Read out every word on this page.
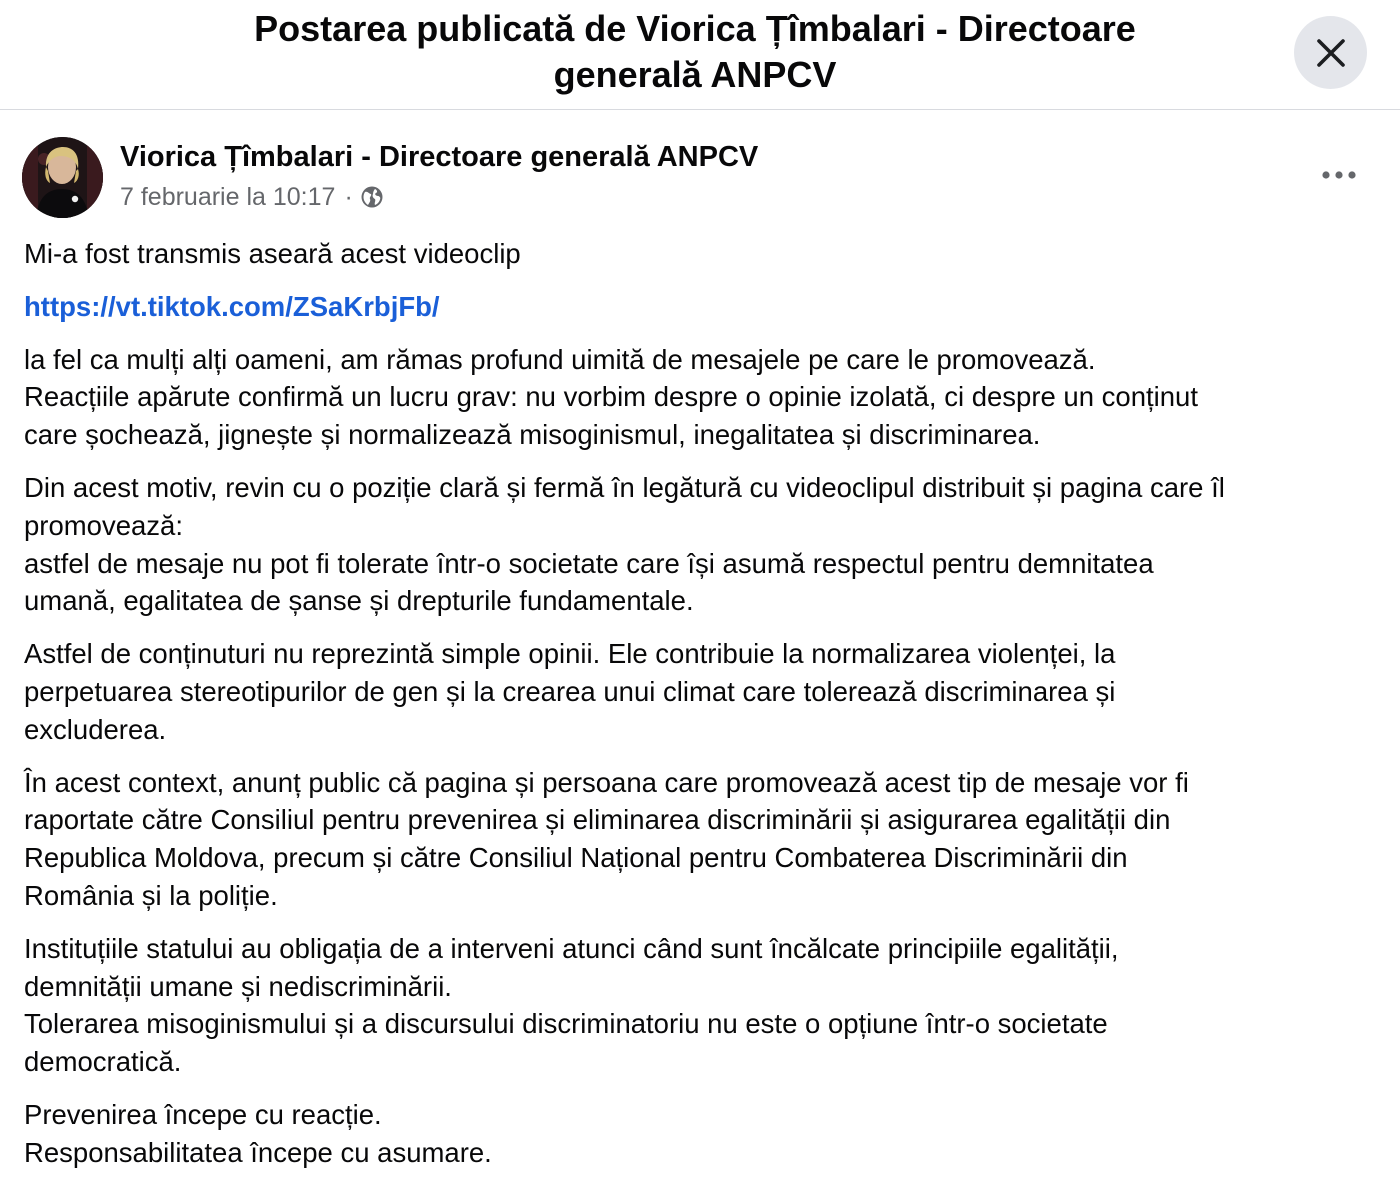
Postarea publicată de Viorica Țîmbalari - Directoare
generală ANPCV
Viorica Țîmbalari - Directoare generală ANPCV
7 februarie la 10:17 ·

Mi-a fost transmis aseară acest videoclip

https://vt.tiktok.com/ZSaKrbjFb/

la fel ca mulți alți oameni, am rămas profund uimită de mesajele pe care le promovează.
Reacțiile apărute confirmă un lucru grav: nu vorbim despre o opinie izolată, ci despre un conținut
care șochează, jignește și normalizează misoginismul, inegalitatea și discriminarea.

Din acest motiv, revin cu o poziție clară și fermă în legătură cu videoclipul distribuit și pagina care îl
promovează:
astfel de mesaje nu pot fi tolerate într-o societate care își asumă respectul pentru demnitatea
umană, egalitatea de șanse și drepturile fundamentale.

Astfel de conținuturi nu reprezintă simple opinii. Ele contribuie la normalizarea violenței, la
perpetuarea stereotipurilor de gen și la crearea unui climat care tolerează discriminarea și
excluderea.

În acest context, anunț public că pagina și persoana care promovează acest tip de mesaje vor fi
raportate către Consiliul pentru prevenirea și eliminarea discriminării și asigurarea egalității din
Republica Moldova, precum și către Consiliul Național pentru Combaterea Discriminării din
România și la poliție.

Instituțiile statului au obligația de a interveni atunci când sunt încălcate principiile egalității,
demnității umane și nediscriminării.
Tolerarea misoginismului și a discursului discriminatoriu nu este o opțiune într-o societate
democratică.

Prevenirea începe cu reacție.
Responsabilitatea începe cu asumare.
